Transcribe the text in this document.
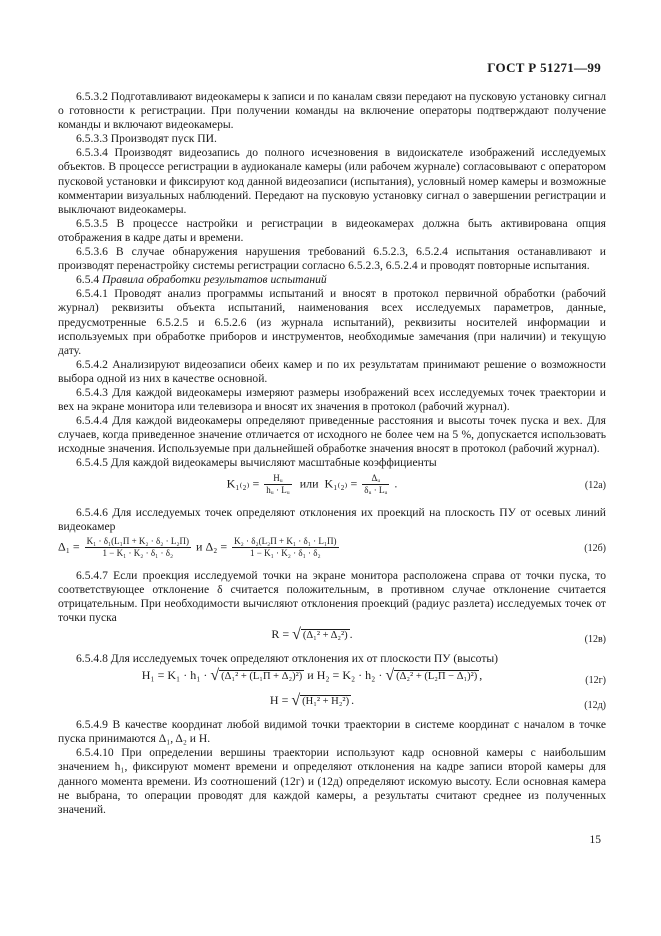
ГОСТ Р 51271—99

6.5.3.2 Подготавливают видеокамеры к записи и по каналам связи передают на пусковую установку сигнал о готовности к регистрации. При получении команды на включение операторы подтверждают получение команды и включают видеокамеры.

6.5.3.3 Производят пуск ПИ.

6.5.3.4 Производят видеозапись до полного исчезновения в видоискателе изображений исследуемых объектов. В процессе регистрации в аудиоканале камеры (или рабочем журнале) согласовывают с оператором пусковой установки и фиксируют код данной видеозаписи (испытания), условный номер камеры и возможные комментарии визуальных наблюдений. Передают на пусковую установку сигнал о завершении регистрации и выключают видеокамеры.

6.5.3.5 В процессе настройки и регистрации в видеокамерах должна быть активирована опция отображения в кадре даты и времени.

6.5.3.6 В случае обнаружения нарушения требований 6.5.2.3, 6.5.2.4 испытания останавливают и производят перенастройку системы регистрации согласно 6.5.2.3, 6.5.2.4 и проводят повторные испытания.

6.5.4 Правила обработки результатов испытаний

6.5.4.1 Проводят анализ программы испытаний и вносят в протокол первичной обработки (рабочий журнал) реквизиты объекта испытаний, наименования всех исследуемых параметров, данные, предусмотренные 6.5.2.5 и 6.5.2.6 (из журнала испытаний), реквизиты носителей информации и используемых при обработке приборов и инструментов, необходимые замечания (при наличии) и текущую дату.

6.5.4.2 Анализируют видеозаписи обеих камер и по их результатам принимают решение о возможности выбора одной из них в качестве основной.

6.5.4.3 Для каждой видеокамеры измеряют размеры изображений всех исследуемых точек траектории и вех на экране монитора или телевизора и вносят их значения в протокол (рабочий журнал).

6.5.4.4 Для каждой видеокамеры определяют приведенные расстояния и высоты точек пуска и вех. Для случаев, когда приведенное значение отличается от исходного не более чем на 5 %, допускается использовать исходные значения. Используемые при дальнейшей обработке значения вносят в протокол (рабочий журнал).

6.5.4.5 Для каждой видеокамеры вычисляют масштабные коэффициенты

$K_{1(2)} = \frac{\text{Hᵤ}}{\text{hᵤ · Lᵤ}}$ или $K_{1(2)} = \frac{\text{Δᵤ}}{\text{δᵤ · Lᵤ}}$ .	(12а)

6.5.4.6 Для исследуемых точек определяют отклонения их проекций на плоскость ПУ от осевых линий видеокамер

$\Delta_1 = \frac{\text{K₁ · δ₁(L₁П + K₂ · δ₂ · L₂П)}}{\text{1 − K₁ · K₂ · δ₁ · δ₂}}$ и $\Delta_2 = \frac{\text{K₂ · δ₂(L₂П + K₁ · δ₁ · L₁П)}}{\text{1 − K₁ · K₂ · δ₁ · δ₂}}$	(12б)

6.5.4.7 Если проекция исследуемой точки на экране монитора расположена справа от точки пуска, то соответствующее отклонение δ считается положительным, в противном случае отклонение считается отрицательным. При необходимости вычисляют отклонения проекций (радиус разлета) исследуемых точек от точки пуска

R = √ (Δ₁² + Δ₂²) .	(12в)

6.5.4.8 Для исследуемых точек определяют отклонения их от плоскости ПУ (высоты)

H₁ = K₁ · h₁ · √ (Δ₁² + (L₁П + Δ₂)²) и H₂ = K₂ · h₂ · √ (Δ₂² + (L₂П − Δ₁)²) ,	(12г)
H = √ (H₁² + H₂²) .	(12д)

6.5.4.9 В качестве координат любой видимой точки траектории в системе координат с началом в точке пуска принимаются Δ₁, Δ₂ и H.

6.5.4.10 При определении вершины траектории используют кадр основной камеры с наибольшим значением h₁, фиксируют момент времени и определяют отклонения на кадре записи второй камеры для данного момента времени. Из соотношений (12г) и (12д) определяют искомую высоту. Если основная камера не выбрана, то операции проводят для каждой камеры, а результаты считают среднее из полученных значений.

15
